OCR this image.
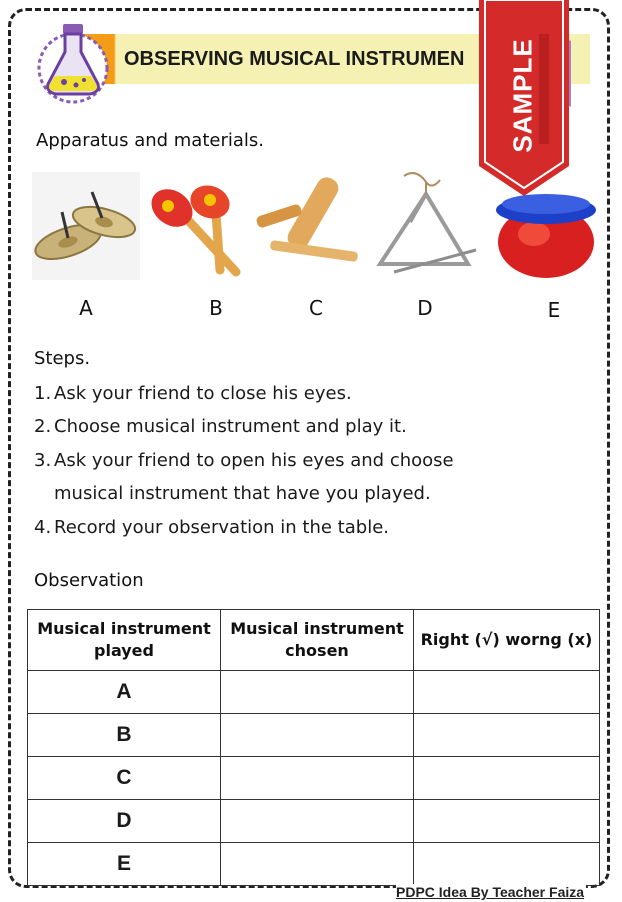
OBSERVING MUSICAL INSTRUMEN	SAMPLE
Apparatus and materials.
A	B	C	D	E
Steps.
1. Ask your friend to close his eyes.
2. Choose musical instrument and play it.
3. Ask your friend to open his eyes and choose
musical instrument that have you played.
4. Record your observation in the table.
Observation
Musical instrument played	Musical instrument chosen	Right (√) worng (x)
A		
B		
C		
D		
E		
PDPC Idea By Teacher Faiza
